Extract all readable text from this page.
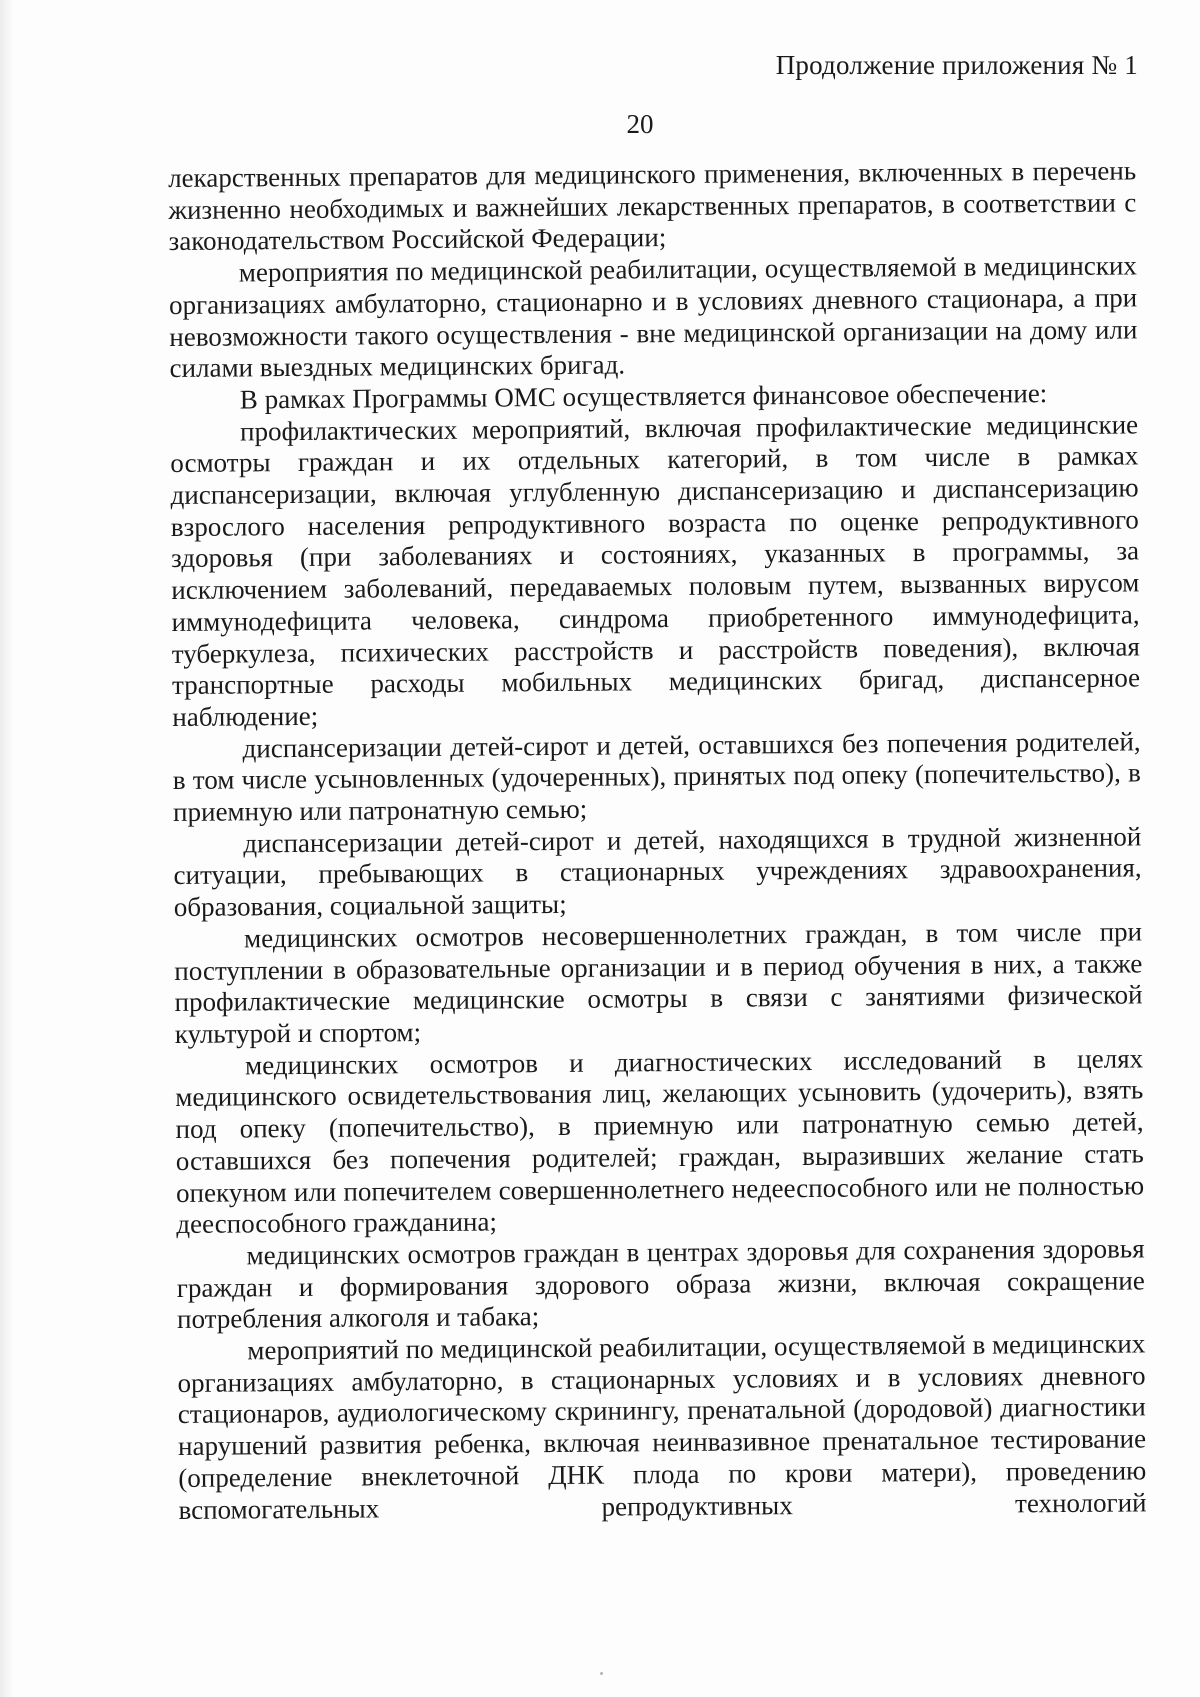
Продолжение приложения № 1
20

лекарственных препаратов для медицинского применения, включенных в перечень жизненно необходимых и важнейших лекарственных препаратов, в соответствии с законодательством Российской Федерации;

мероприятия по медицинской реабилитации, осуществляемой в медицинских организациях амбулаторно, стационарно и в условиях дневного стационара, а при невозможности такого осуществления - вне медицинской организации на дому или силами выездных медицинских бригад.

В рамках Программы ОМС осуществляется финансовое обеспечение:

профилактических мероприятий, включая профилактические медицинские осмотры граждан и их отдельных категорий, в том числе в рамках диспансеризации, включая углубленную диспансеризацию и диспансеризацию взрослого населения репродуктивного возраста по оценке репродуктивного здоровья (при заболеваниях и состояниях, указанных в программы, за исключением заболеваний, передаваемых половым путем, вызванных вирусом иммунодефицита человека, синдрома приобретенного иммунодефицита, туберкулеза, психических расстройств и расстройств поведения), включая транспортные расходы мобильных медицинских бригад, диспансерное наблюдение;

диспансеризации детей-сирот и детей, оставшихся без попечения родителей, в том числе усыновленных (удочеренных), принятых под опеку (попечительство), в приемную или патронатную семью;

диспансеризации детей-сирот и детей, находящихся в трудной жизненной ситуации, пребывающих в стационарных учреждениях здравоохранения, образования, социальной защиты;

медицинских осмотров несовершеннолетних граждан, в том числе при поступлении в образовательные организации и в период обучения в них, а также профилактические медицинские осмотры в связи с занятиями физической культурой и спортом;

медицинских осмотров и диагностических исследований в целях медицинского освидетельствования лиц, желающих усыновить (удочерить), взять под опеку (попечительство), в приемную или патронатную семью детей, оставшихся без попечения родителей; граждан, выразивших желание стать опекуном или попечителем совершеннолетнего недееспособного или не полностью дееспособного гражданина;

медицинских осмотров граждан в центрах здоровья для сохранения здоровья граждан и формирования здорового образа жизни, включая сокращение потребления алкоголя и табака;

мероприятий по медицинской реабилитации, осуществляемой в медицинских организациях амбулаторно, в стационарных условиях и в условиях дневного стационаров, аудиологическому скринингу, пренатальной (дородовой) диагностики нарушений развития ребенка, включая неинвазивное пренатальное тестирование (определение внеклеточной ДНК плода по крови матери), проведению вспомогательных репродуктивных технологий
